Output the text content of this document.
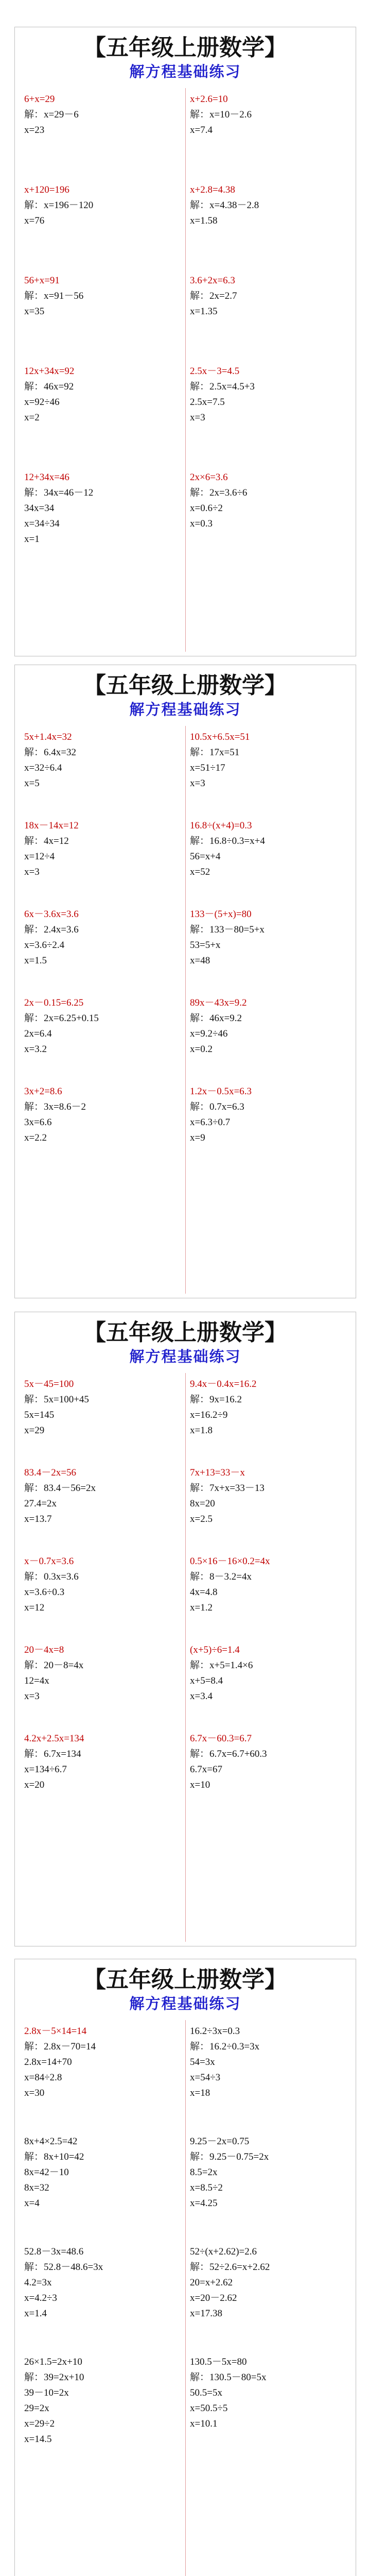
【五年级上册数学】
解方程基础练习
6+x=29
解：x=29－6
x=23
x+2.6=10
解：x=10－2.6
x=7.4
x+120=196
解：x=196－120
x=76
x+2.8=4.38
解：x=4.38－2.8
x=1.58
56+x=91
解：x=91－56
x=35
3.6+2x=6.3
解：2x=2.7
x=1.35
12x+34x=92
解：46x=92
x=92÷46
x=2
2.5x－3=4.5
解：2.5x=4.5+3
2.5x=7.5
x=3
12+34x=46
解：34x=46－12
34x=34
x=34÷34
x=1
2x×6=3.6
解：2x=3.6÷6
x=0.6÷2
x=0.3
【五年级上册数学】
解方程基础练习
5x+1.4x=32
解：6.4x=32
x=32÷6.4
x=5
10.5x+6.5x=51
解：17x=51
x=51÷17
x=3
18x－14x=12
解：4x=12
x=12÷4
x=3
16.8÷(x+4)=0.3
解：16.8÷0.3=x+4
56=x+4
x=52
6x－3.6x=3.6
解：2.4x=3.6
x=3.6÷2.4
x=1.5
133－(5+x)=80
解：133－80=5+x
53=5+x
x=48
2x－0.15=6.25
解：2x=6.25+0.15
2x=6.4
x=3.2
89x－43x=9.2
解：46x=9.2
x=9.2÷46
x=0.2
3x+2=8.6
解：3x=8.6－2
3x=6.6
x=2.2
1.2x－0.5x=6.3
解：0.7x=6.3
x=6.3÷0.7
x=9
【五年级上册数学】
解方程基础练习
5x－45=100
解：5x=100+45
5x=145
x=29
9.4x－0.4x=16.2
解：9x=16.2
x=16.2÷9
x=1.8
83.4－2x=56
解：83.4－56=2x
27.4=2x
x=13.7
7x+13=33－x
解：7x+x=33－13
8x=20
x=2.5
x－0.7x=3.6
解：0.3x=3.6
x=3.6÷0.3
x=12
0.5×16－16×0.2=4x
解：8－3.2=4x
4x=4.8
x=1.2
20－4x=8
解：20－8=4x
12=4x
x=3
(x+5)÷6=1.4
解：x+5=1.4×6
x+5=8.4
x=3.4
4.2x+2.5x=134
解：6.7x=134
x=134÷6.7
x=20
6.7x－60.3=6.7
解：6.7x=6.7+60.3
6.7x=67
x=10
【五年级上册数学】
解方程基础练习
2.8x－5×14=14
解：2.8x－70=14
2.8x=14+70
x=84÷2.8
x=30
16.2÷3x=0.3
解：16.2÷0.3=3x
54=3x
x=54÷3
x=18
8x+4×2.5=42
解：8x+10=42
8x=42－10
8x=32
x=4
9.25－2x=0.75
解：9.25－0.75=2x
8.5=2x
x=8.5÷2
x=4.25
52.8－3x=48.6
解：52.8－48.6=3x
4.2=3x
x=4.2÷3
x=1.4
52÷(x+2.62)=2.6
解：52÷2.6=x+2.62
20=x+2.62
x=20－2.62
x=17.38
26×1.5=2x+10
解：39=2x+10
39－10=2x
29=2x
x=29÷2
x=14.5
130.5－5x=80
解：130.5－80=5x
50.5=5x
x=50.5÷5
x=10.1
